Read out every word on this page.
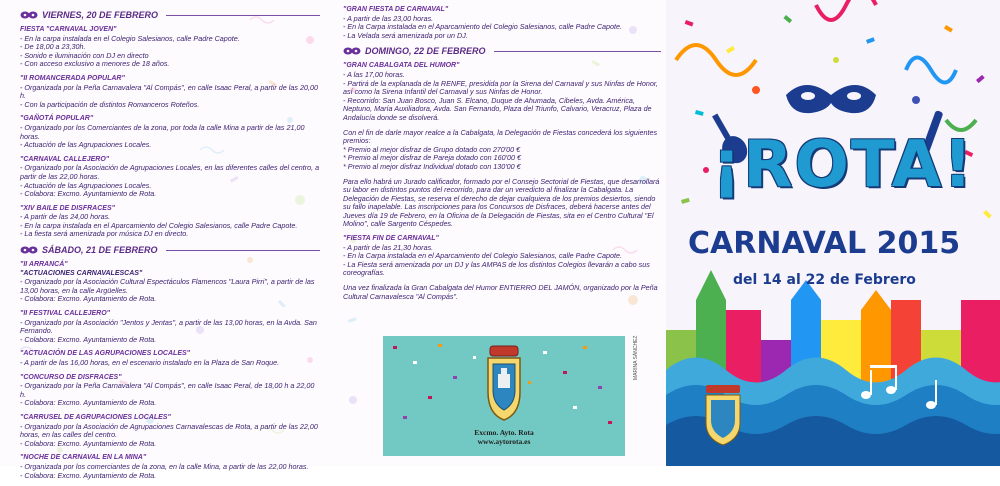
VIERNES, 20 DE FEBRERO
FIESTA "CARNAVAL JOVEN"
- En la carpa instalada en el Colegio Salesianos, calle Padre Capote.
- De 18,00 a 23,30h.
- Sonido e iluminación con DJ en directo
- Con acceso exclusivo a menores de 18 años.
"II ROMANCERADA POPULAR"
- Organizada por la Peña Carnavalera "Al Compás", en calle Isaac Peral, a partir de las 20,00 h.
- Con la participación de distintos Romanceros Roteños.
"GAÑOTÁ POPULAR"
- Organizado por los Comerciantes de la zona, por toda la calle Mina a partir de las 21,00 horas.
- Actuación de las Agrupaciones Locales.
"CARNAVAL CALLEJERO"
- Organizado por la Asociación de Agrupaciones Locales, en las diferentes calles del centro, a partir de las 22,00 horas.
- Actuación de las Agrupaciones Locales.
- Colabora: Excmo. Ayuntamiento de Rota.
"XIV BAILE DE DISFRACES"
- A partir de las 24,00 horas.
- En la carpa instalada en el Aparcamiento del Colegio Salesianos, calle Padre Capote.
- La fiesta será amenizada por música DJ en directo.
SÁBADO, 21 DE FEBRERO
"II ARRANCÁ"
"ACTUACIONES CARNAVALESCAS"
- Organizado por la Asociación Cultural Espectáculos Flamencos "Laura Pirri", a partir de las 13,00 horas, en la calle Argüelles.
- Colabora: Excmo. Ayuntamiento de Rota.
"II FESTIVAL CALLEJERO"
- Organizado por la Asociación "Jentos y Jentas", a partir de las 13,00 horas, en la Avda. San Fernando.
- Colabora: Excmo. Ayuntamiento de Rota.
"ACTUACIÓN DE LAS AGRUPACIONES LOCALES"
- A partir de las 16,00 horas, en el escenario instalado en la Plaza de San Roque.
"CONCURSO DE DISFRACES"
- Organizado por la Peña Carnavalera "Al Compás", en calle Isaac Peral, de 18,00 h a 22,00 h.
- Colabora: Excmo. Ayuntamiento de Rota.
"CARRUSEL DE AGRUPACIONES LOCALES"
- Organizado por la Asociación de Agrupaciones Carnavalescas de Rota, a partir de las 22,00 horas, en las calles del centro.
- Colabora: Excmo. Ayuntamiento de Rota.
"NOCHE DE CARNAVAL EN LA MINA"
- Organizada por los comerciantes de la zona, en la calle Mina, a partir de las 22,00 horas.
- Colabora: Excmo. Ayuntamiento de Rota.
"GRAN FIESTA DE CARNAVAL"
- A partir de las 23,00 horas.
- En la Carpa instalada en el Aparcamiento del Colegio Salesianos, calle Padre Capote.
- La Velada será amenizada por un DJ.
DOMINGO, 22 DE FEBRERO
"GRAN CABALGATA DEL HUMOR"
- A las 17,00 horas.
- Partirá de la explanada de la RENFE, presidida por la Sirena del Carnaval y sus Ninfas de Honor, así como la Sirena Infantil del Carnaval y sus Ninfas de Honor.
- Recorrido: San Juan Bosco, Juan S. Elcano, Duque de Ahumada, Cibeles, Avda. América, Neptuno, María Auxiliadora, Avda. San Fernando, Plaza del Triunfo, Calvario, Veracruz, Plaza de Andalucía donde se disolverá.
Con el fin de darle mayor realce a la Cabalgata, la Delegación de Fiestas concederá los siguientes premios:
* Premio al mejor disfraz de Grupo dotado con 270'00 €
* Premio al mejor disfraz de Pareja dotado con 160'00 €
* Premio al mejor disfraz Individual dotado con 130'00 €
Para ello habrá un Jurado calificador, formado por el Consejo Sectorial de Fiestas, que desarrollará su labor en distintos puntos del recorrido, para dar un veredicto al finalizar la Cabalgata. La Delegación de Fiestas, se reserva el derecho de dejar cualquiera de los premios desiertos, siendo su fallo inapelable. Las inscripciones para los Concursos de Disfraces, deberá hacerse antes del Jueves día 19 de Febrero, en la Oficina de la Delegación de Fiestas, sita en el Centro Cultural "El Molino", calle Sargento Céspedes.
"FIESTA FIN DE CARNAVAL"
- A partir de las 21,30 horas.
- En la Carpa instalada en el Aparcamiento del Colegio Salesianos, calle Padre Capote.
- La Fiesta será amenizada por un DJ y las AMPAS de los distintos Colegios llevarán a cabo sus coreografías.
Una vez finalizada la Gran Cabalgata del Humor ENTIERRO DEL JAMÓN, organizado por la Peña Cultural Carnavalesca "Al Compás".
Excmo. Ayto. Rota
www.aytorota.es
MARINA SÁNCHEZ
¡ROTA!
CARNAVAL 2015
del 14 al 22 de Febrero
